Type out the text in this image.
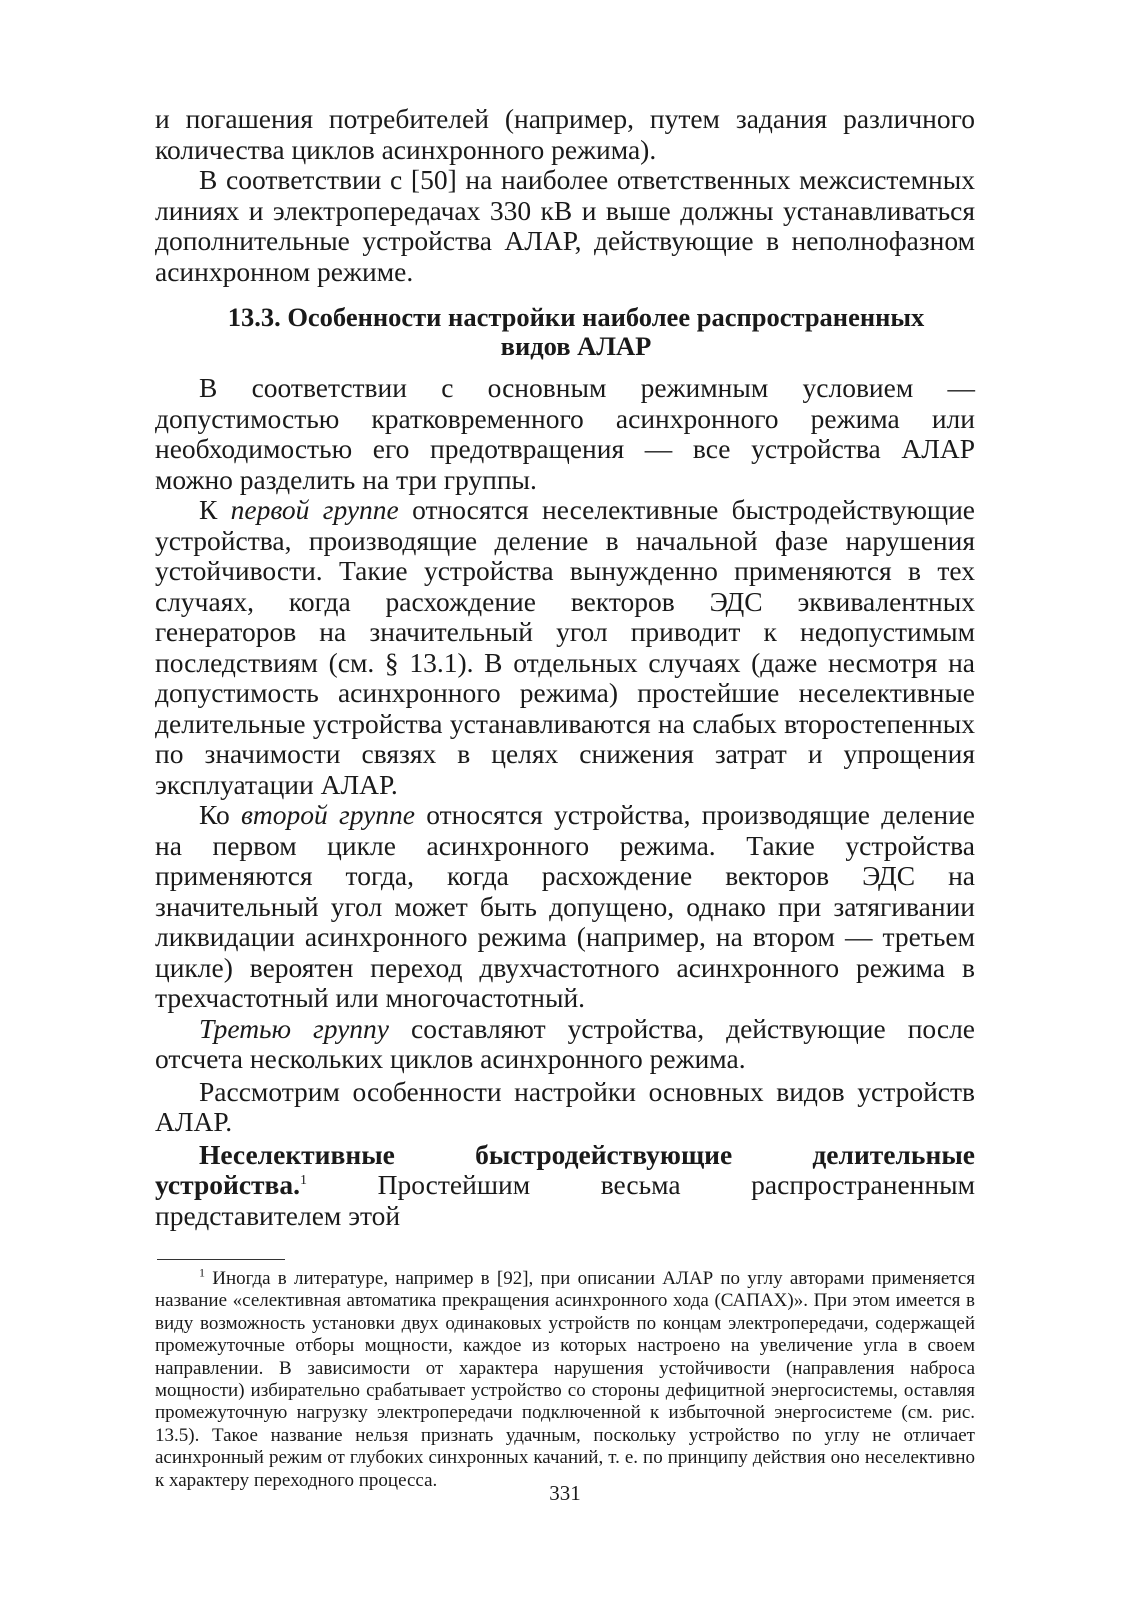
и погашения потребителей (например, путем задания различного количества циклов асинхронного режима).

В соответствии с [50] на наиболее ответственных межсистемных линиях и электропередачах 330 кВ и выше должны устанавливаться дополнительные устройства АЛАР, действующие в неполнофазном асинхронном режиме.

13.3. Особенности настройки наиболее распространенных
видов АЛАР

В соответствии с основным режимным условием — допустимостью кратковременного асинхронного режима или необходимостью его предотвращения — все устройства АЛАР можно разделить на три группы.

К первой группе относятся неселективные быстродействующие устройства, производящие деление в начальной фазе нарушения устойчивости. Такие устройства вынужденно применяются в тех случаях, когда расхождение векторов ЭДС эквивалентных генераторов на значительный угол приводит к недопустимым последствиям (см. § 13.1). В отдельных случаях (даже несмотря на допустимость асинхронного режима) простейшие неселективные делительные устройства устанавливаются на слабых второстепенных по значимости связях в целях снижения затрат и упрощения эксплуатации АЛАР.

Ко второй группе относятся устройства, производящие деление на первом цикле асинхронного режима. Такие устройства применяются тогда, когда расхождение векторов ЭДС на значительный угол может быть допущено, однако при затягивании ликвидации асинхронного режима (например, на втором — третьем цикле) вероятен переход двухчастотного асинхронного режима в трехчастотный или многочастотный.

Третью группу составляют устройства, действующие после отсчета нескольких циклов асинхронного режима.

Рассмотрим особенности настройки основных видов устройств АЛАР.

Неселективные быстродействующие делительные устройства.$^1$ Простейшим весьма распространенным представителем этой

$^1$ Иногда в литературе, например в [92], при описании АЛАР по углу авторами применяется название «селективная автоматика прекращения асинхронного хода (САПАХ)». При этом имеется в виду возможность установки двух одинаковых устройств по концам электропередачи, содержащей промежуточные отборы мощности, каждое из которых настроено на увеличение угла в своем направлении. В зависимости от характера нарушения устойчивости (направления наброса мощности) избирательно срабатывает устройство со стороны дефицитной энергосистемы, оставляя промежуточную нагрузку электропередачи подключенной к избыточной энергосистеме (см. рис. 13.5). Такое название нельзя признать удачным, поскольку устройство по углу не отличает асинхронный режим от глубоких синхронных качаний, т. е. по принципу действия оно неселективно к характеру переходного процесса.

331
